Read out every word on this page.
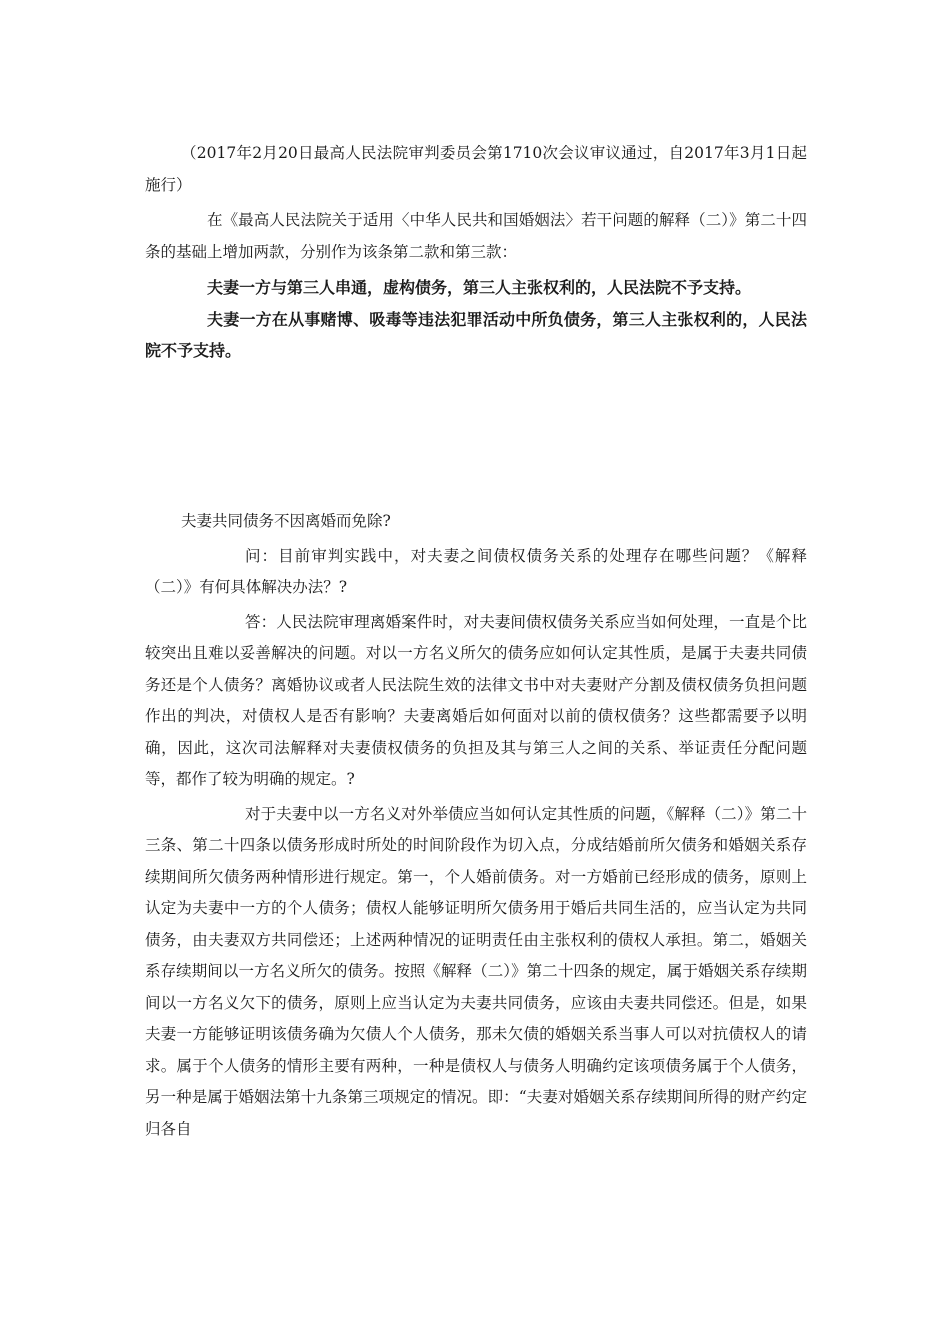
（2017年2月20日最高人民法院审判委员会第1710次会议审议通过，自2017年3月1日起施行）

在《最高人民法院关于适用〈中华人民共和国婚姻法〉若干问题的解释（二）》第二十四条的基础上增加两款，分别作为该条第二款和第三款：

夫妻一方与第三人串通，虚构债务，第三人主张权利的，人民法院不予支持。

夫妻一方在从事赌博、吸毒等违法犯罪活动中所负债务，第三人主张权利的，人民法院不予支持。

夫妻共同债务不因离婚而免除?

问：目前审判实践中，对夫妻之间债权债务关系的处理存在哪些问题？《解释（二）》有何具体解决办法？?

答：人民法院审理离婚案件时，对夫妻间债权债务关系应当如何处理，一直是个比较突出且难以妥善解决的问题。对以一方名义所欠的债务应如何认定其性质，是属于夫妻共同债务还是个人债务？离婚协议或者人民法院生效的法律文书中对夫妻财产分割及债权债务负担问题作出的判决，对债权人是否有影响？夫妻离婚后如何面对以前的债权债务？这些都需要予以明确，因此，这次司法解释对夫妻债权债务的负担及其与第三人之间的关系、举证责任分配问题等，都作了较为明确的规定。?

对于夫妻中以一方名义对外举债应当如何认定其性质的问题，《解释（二）》第二十三条、第二十四条以债务形成时所处的时间阶段作为切入点，分成结婚前所欠债务和婚姻关系存续期间所欠债务两种情形进行规定。第一，个人婚前债务。对一方婚前已经形成的债务，原则上认定为夫妻中一方的个人债务；债权人能够证明所欠债务用于婚后共同生活的，应当认定为共同债务，由夫妻双方共同偿还；上述两种情况的证明责任由主张权利的债权人承担。第二，婚姻关系存续期间以一方名义所欠的债务。按照《解释（二）》第二十四条的规定，属于婚姻关系存续期间以一方名义欠下的债务，原则上应当认定为夫妻共同债务，应该由夫妻共同偿还。但是，如果夫妻一方能够证明该债务确为欠债人个人债务，那未欠债的婚姻关系当事人可以对抗债权人的请求。属于个人债务的情形主要有两种，一种是债权人与债务人明确约定该项债务属于个人债务，另一种是属于婚姻法第十九条第三项规定的情况。即：“夫妻对婚姻关系存续期间所得的财产约定归各自
